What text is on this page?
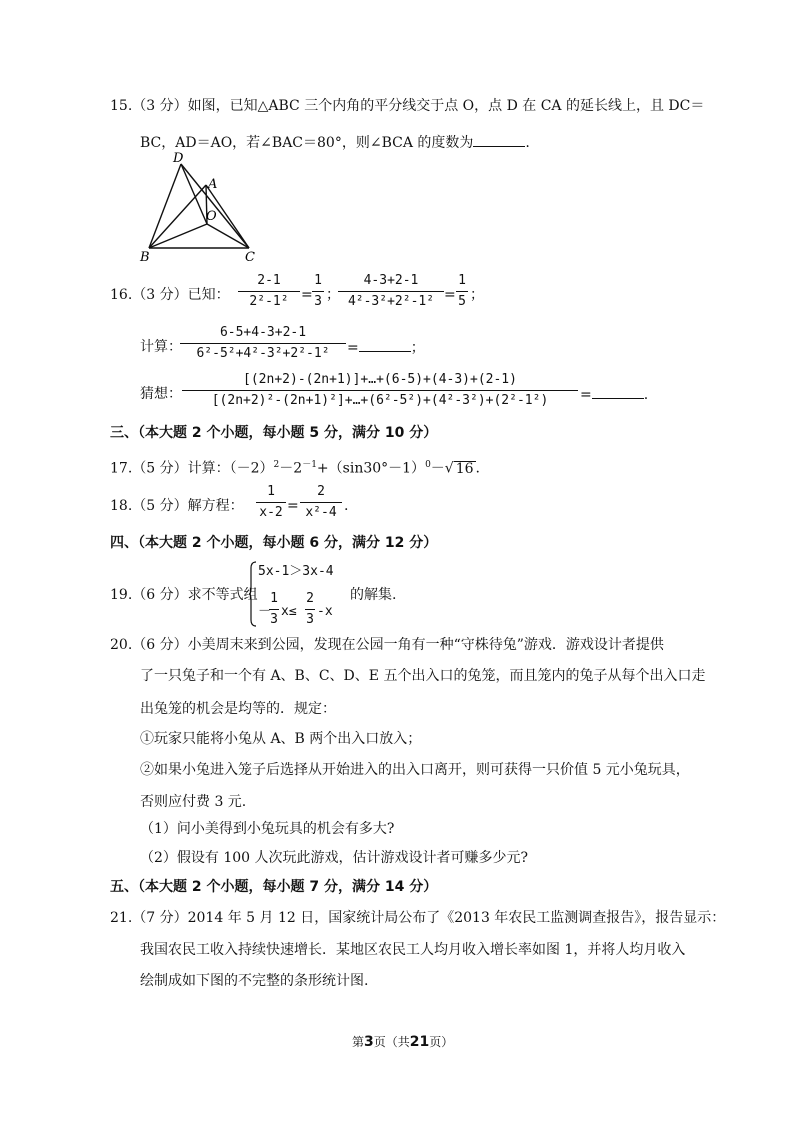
15.（3 分）如图，已知△ABC 三个内角的平分线交于点 O，点 D 在 CA 的延长线上，且 DC＝
BC，AD＝AO，若∠BAC＝80°，则∠BCA 的度数为	.
D
A
O
B	C
16.（3 分）已知：
2-1
2²-1² =
1
3 ；
4-3+2-1
4²-3²+2²-1² =
1
5 ；
计算：
6-5+4-3+2-1
6²-5²+4²-3²+2²-1²	=	；
猜想：
[(2n+2)-(2n+1)]+…+(6-5)+(4-3)+(2-1)
[(2n+2)²-(2n+1)²]+…+(6²-5²)+(4²-3²)+(2²-1²)	=	.
三、（本大题 2 个小题，每小题 5 分，满分 10 分）
17.（5 分）计算：$(-2)^2-2^{-1}+(\sin 30^\circ-1)^0-√$ 16 .
18.（5 分）解方程：
1
x-2 =
2
x²-4 .
四、（本大题 2 个小题，每小题 6 分，满分 12 分）
19.（6 分）求不等式组
5x-1＞3x-4
－
1
3
x≤
2
3
-x
的解集.
20.（6 分）小美周末来到公园，发现在公园一角有一种“守株待兔”游戏．游戏设计者提供
了一只兔子和一个有 A、B、C、D、E 五个出入口的兔笼，而且笼内的兔子从每个出入口走
出兔笼的机会是均等的．规定：
①玩家只能将小兔从 A、B 两个出入口放入；
②如果小兔进入笼子后选择从开始进入的出入口离开，则可获得一只价值 5 元小兔玩具，
否则应付费 3 元.
（1）问小美得到小兔玩具的机会有多大?
（2）假设有 100 人次玩此游戏，估计游戏设计者可赚多少元?
五、（本大题 2 个小题，每小题 7 分，满分 14 分）
21.（7 分）2014 年 5 月 12 日，国家统计局公布了《2013 年农民工监测调查报告》，报告显示：
我国农民工收入持续快速增长．某地区农民工人均月收入增长率如图 1，并将人均月收入
绘制成如下图的不完整的条形统计图.
第3页（共21页）
